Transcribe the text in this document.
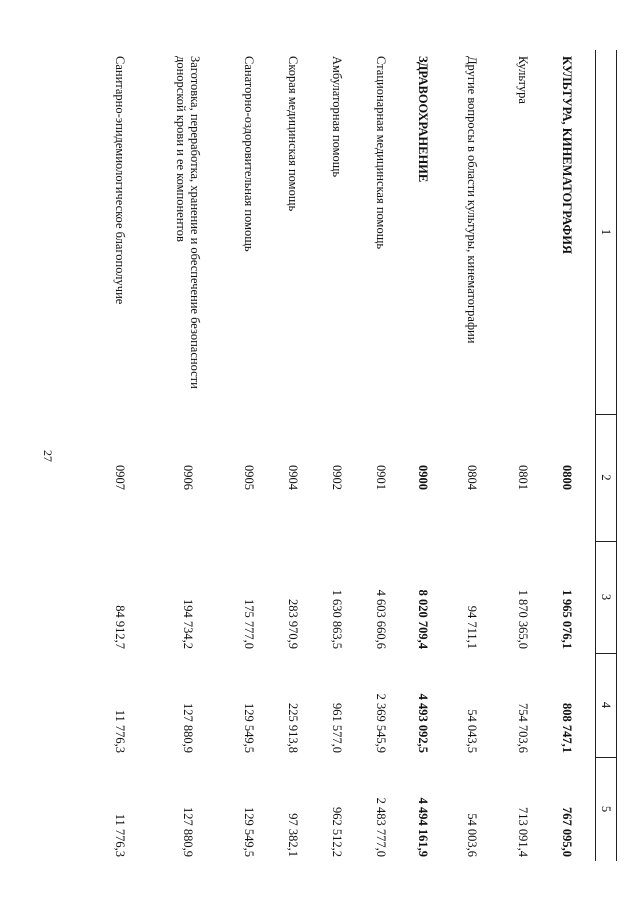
27
1
2
3
4
5
КУЛЬТУРА, КИНЕМАТОГРАФИЯ
0800
1 965 076,1
808 747,1
767 095,0
Культура
0801
1 870 365,0
754 703,6
713 091,4
Другие вопросы в области культуры, кинематографии
0804
94 711,1
54 043,5
54 003,6
ЗДРАВООХРАНЕНИЕ
0900
8 020 709,4
4 493 092,5
4 494 161,9
Стационарная медицинская помощь
0901
4 603 660,6
2 369 545,9
2 483 777,0
Амбулаторная помощь
0902
1 630 863,5
961 577,0
962 512,2
Скорая медицинская помощь
0904
283 970,9
225 913,8
97 382,1
Санаторно-оздоровительная помощь
0905
175 777,0
129 549,5
129 549,5
Заготовка, переработка, хранение и обеспечение безопасности донорской крови и ее компонентов
0906
194 734,2
127 880,9
127 880,9
Санитарно-эпидемиологическое благополучие
0907
84 912,7
11 776,3
11 776,3
